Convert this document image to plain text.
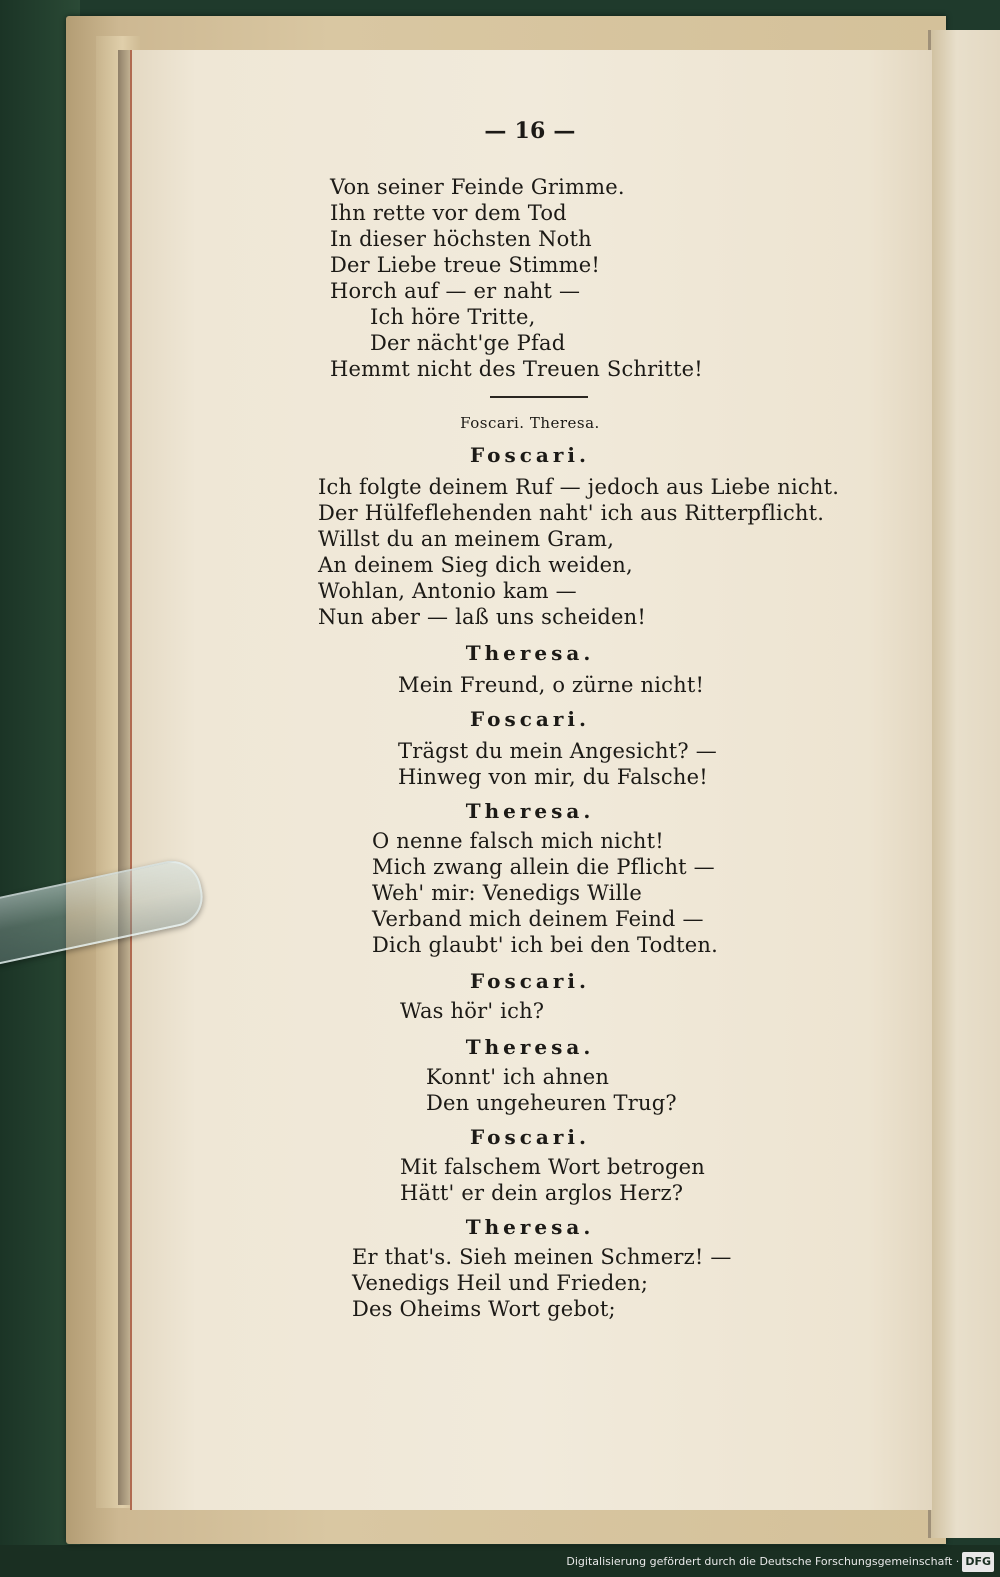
— 16 —
Von seiner Feinde Grimme.
Ihn rette vor dem Tod
In dieser höchsten Noth
Der Liebe treue Stimme!
Horch auf — er naht —
Ich höre Tritte,
Der nächt'ge Pfad
Hemmt nicht des Treuen Schritte!
Foscari. Theresa.
Foscari.
Ich folgte deinem Ruf — jedoch aus Liebe nicht.
Der Hülfeflehenden naht' ich aus Ritterpflicht.
Willst du an meinem Gram,
An deinem Sieg dich weiden,
Wohlan, Antonio kam —
Nun aber — laß uns scheiden!
Theresa.
Mein Freund, o zürne nicht!
Foscari.
Trägst du mein Angesicht? —
Hinweg von mir, du Falsche!
Theresa.
O nenne falsch mich nicht!
Mich zwang allein die Pflicht —
Weh' mir: Venedigs Wille
Verband mich deinem Feind —
Dich glaubt' ich bei den Todten.
Foscari.
Was hör' ich?
Theresa.
Konnt' ich ahnen
Den ungeheuren Trug?
Foscari.
Mit falschem Wort betrogen
Hätt' er dein arglos Herz?
Theresa.
Er that's. Sieh meinen Schmerz! —
Venedigs Heil und Frieden;
Des Oheims Wort gebot;
Digitalisierung gefördert durch die Deutsche Forschungsgemeinschaft · DFG
